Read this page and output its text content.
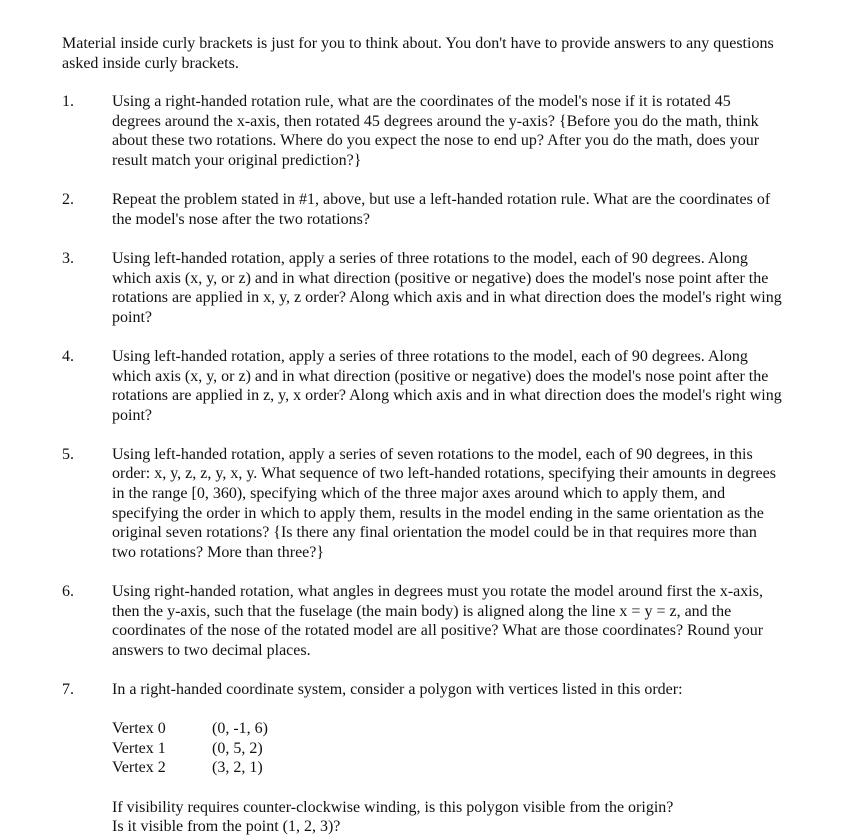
Material inside curly brackets is just for you to think about. You don't have to provide answers to any questions asked inside curly brackets.

1. Using a right-handed rotation rule, what are the coordinates of the model's nose if it is rotated 45 degrees around the x-axis, then rotated 45 degrees around the y-axis? {Before you do the math, think about these two rotations. Where do you expect the nose to end up? After you do the math, does your result match your original prediction?}
2. Repeat the problem stated in #1, above, but use a left-handed rotation rule. What are the coordinates of the model's nose after the two rotations?
3. Using left-handed rotation, apply a series of three rotations to the model, each of 90 degrees. Along which axis (x, y, or z) and in what direction (positive or negative) does the model's nose point after the rotations are applied in x, y, z order? Along which axis and in what direction does the model's right wing point?
4. Using left-handed rotation, apply a series of three rotations to the model, each of 90 degrees. Along which axis (x, y, or z) and in what direction (positive or negative) does the model's nose point after the rotations are applied in z, y, x order? Along which axis and in what direction does the model's right wing point?
5. Using left-handed rotation, apply a series of seven rotations to the model, each of 90 degrees, in this order: x, y, z, z, y, x, y. What sequence of two left-handed rotations, specifying their amounts in degrees in the range [0, 360), specifying which of the three major axes around which to apply them, and specifying the order in which to apply them, results in the model ending in the same orientation as the original seven rotations? {Is there any final orientation the model could be in that requires more than two rotations? More than three?}
6. Using right-handed rotation, what angles in degrees must you rotate the model around first the x-axis, then the y-axis, such that the fuselage (the main body) is aligned along the line x = y = z, and the coordinates of the nose of the rotated model are all positive? What are those coordinates? Round your answers to two decimal places.
7. In a right-handed coordinate system, consider a polygon with vertices listed in this order:
Vertex 0	(0, -1, 6)
Vertex 1	(0, 5, 2)
Vertex 2	(3, 2, 1)
If visibility requires counter-clockwise winding, is this polygon visible from the origin?
Is it visible from the point (1, 2, 3)?
